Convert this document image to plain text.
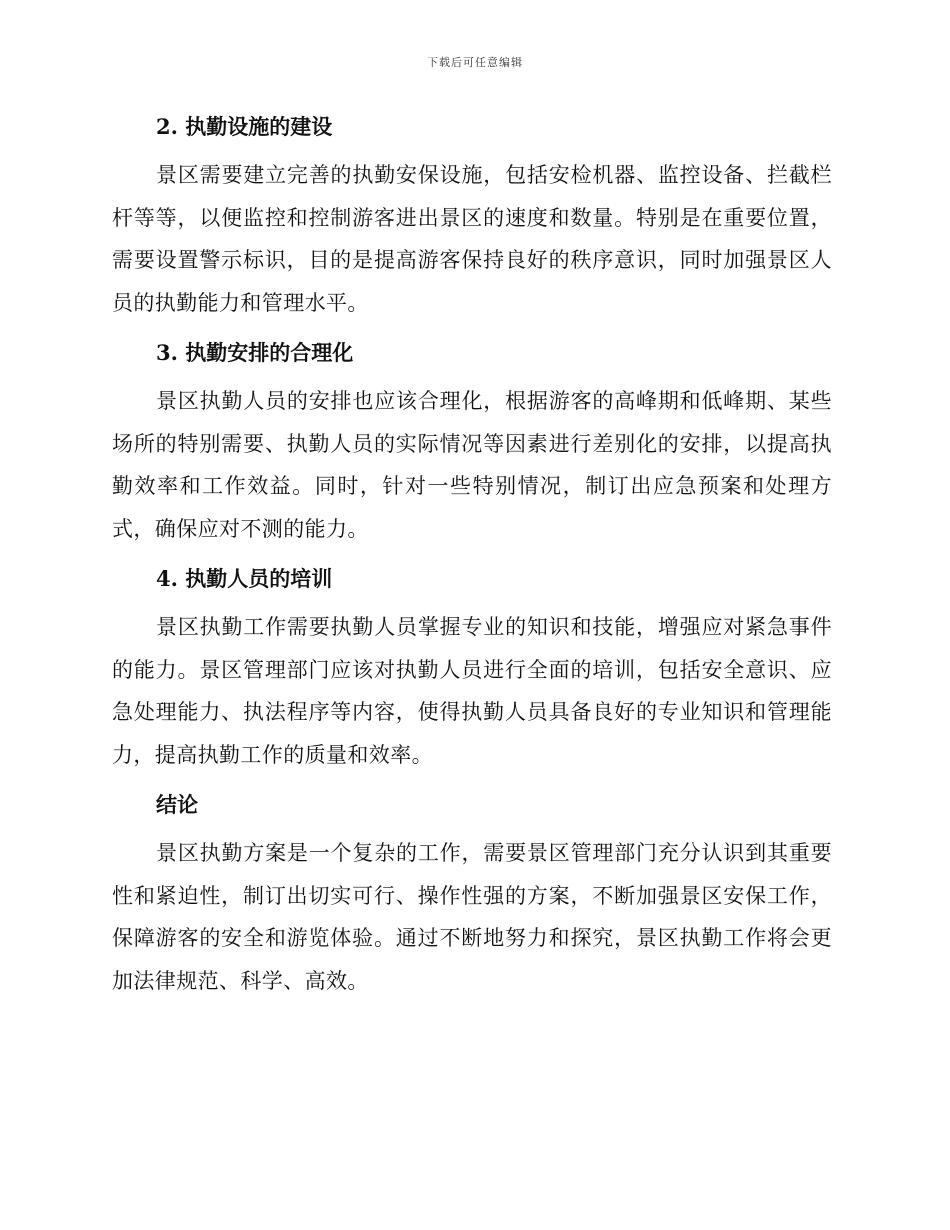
下载后可任意编辑
2. 执勤设施的建设

景区需要建立完善的执勤安保设施，包括安检机器、监控设备、拦截栏杆等等，以便监控和控制游客进出景区的速度和数量。特别是在重要位置，需要设置警示标识，目的是提高游客保持良好的秩序意识，同时加强景区人员的执勤能力和管理水平。

3. 执勤安排的合理化

景区执勤人员的安排也应该合理化，根据游客的高峰期和低峰期、某些场所的特别需要、执勤人员的实际情况等因素进行差别化的安排，以提高执勤效率和工作效益。同时，针对一些特别情况，制订出应急预案和处理方式，确保应对不测的能力。

4. 执勤人员的培训

景区执勤工作需要执勤人员掌握专业的知识和技能，增强应对紧急事件的能力。景区管理部门应该对执勤人员进行全面的培训，包括安全意识、应急处理能力、执法程序等内容，使得执勤人员具备良好的专业知识和管理能力，提高执勤工作的质量和效率。

结论

景区执勤方案是一个复杂的工作，需要景区管理部门充分认识到其重要性和紧迫性，制订出切实可行、操作性强的方案，不断加强景区安保工作，保障游客的安全和游览体验。通过不断地努力和探究，景区执勤工作将会更加法律规范、科学、高效。
